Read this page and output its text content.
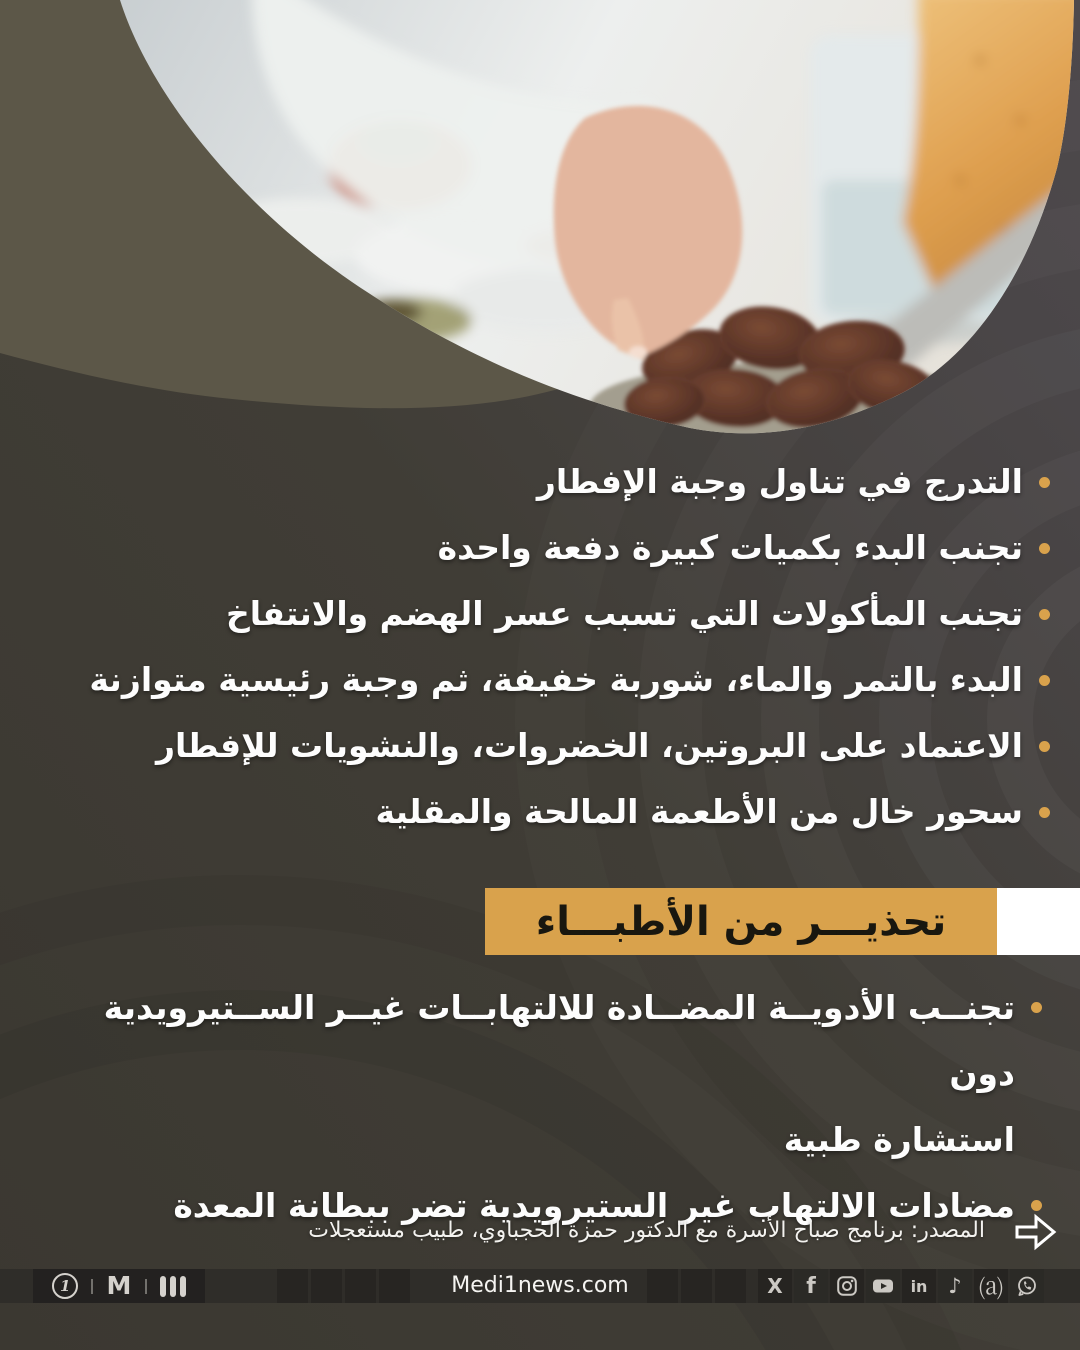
التدرج في تناول وجبة الإفطار
تجنب البدء بكميات كبيرة دفعة واحدة
تجنب المأكولات التي تسبب عسر الهضم والانتفاخ
البدء بالتمر والماء، شوربة خفيفة، ثم وجبة رئيسية متوازنة
الاعتماد على البروتين، الخضروات، والنشويات للإفطار
سحور خال من الأطعمة المالحة والمقلية
تحذيـــر من الأطبـــاء
تجنــب الأدويــة المضــادة للالتهابــات غيــر الســتيرويدية دون
استشارة طبية
مضادات الالتهاب غير الستيرويدية تضر ببطانة المعدة
المصدر: برنامج صباح الأسرة مع الدكتور حمزة الحجباوي، طبيب مستعجلات
1	M	Medi1news.com	X f	in ♪ ⒜
